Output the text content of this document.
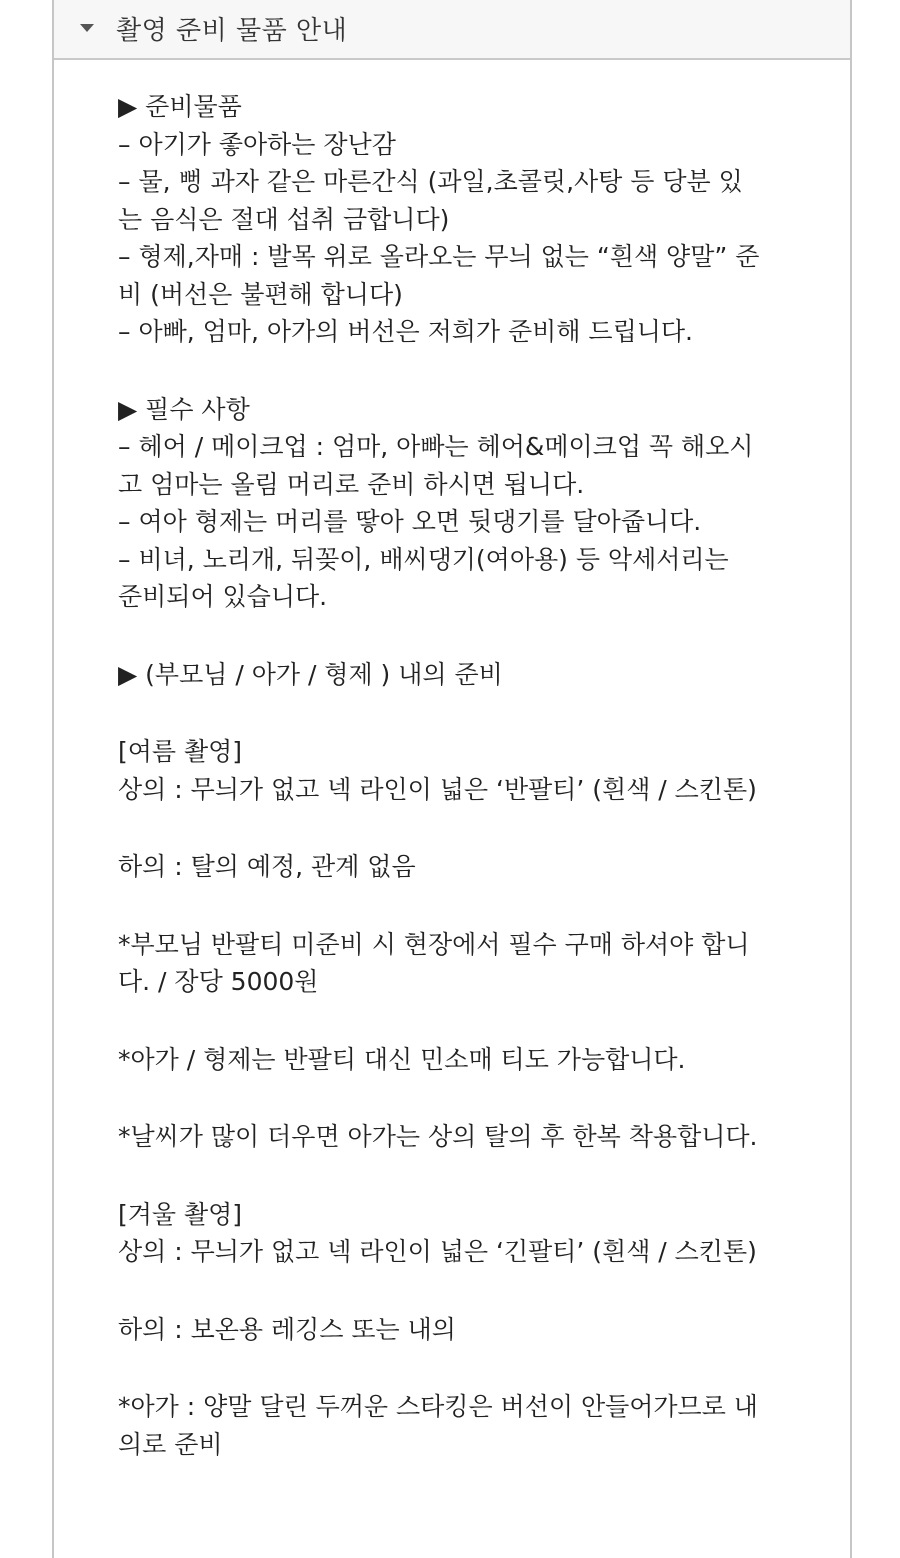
촬영 준비 물품 안내
▶ 준비물품
– 아기가 좋아하는 장난감
– 물, 뻥 과자 같은 마른간식 (과일,초콜릿,사탕 등 당분 있
는 음식은 절대 섭취 금합니다)
– 형제,자매 : 발목 위로 올라오는 무늬 없는 “흰색 양말” 준
비 (버선은 불편해 합니다)
– 아빠, 엄마, 아가의 버선은 저희가 준비해 드립니다.
▶ 필수 사항
– 헤어 / 메이크업 : 엄마, 아빠는 헤어&메이크업 꼭 해오시
고 엄마는 올림 머리로 준비 하시면 됩니다.
– 여아 형제는 머리를 땋아 오면 뒷댕기를 달아줍니다.
– 비녀, 노리개, 뒤꽂이, 배씨댕기(여아용) 등 악세서리는
준비되어 있습니다.
▶ (부모님 / 아가 / 형제 ) 내의 준비
[여름 촬영]
상의 : 무늬가 없고 넥 라인이 넓은 ‘반팔티’ (흰색 / 스킨톤)
하의 : 탈의 예정, 관계 없음
*부모님 반팔티 미준비 시 현장에서 필수 구매 하셔야 합니
다. / 장당 5000원
*아가 / 형제는 반팔티 대신 민소매 티도 가능합니다.
*날씨가 많이 더우면 아가는 상의 탈의 후 한복 착용합니다.
[겨울 촬영]
상의 : 무늬가 없고 넥 라인이 넓은 ‘긴팔티’ (흰색 / 스킨톤)
하의 : 보온용 레깅스 또는 내의
*아가 : 양말 달린 두꺼운 스타킹은 버선이 안들어가므로 내
의로 준비
